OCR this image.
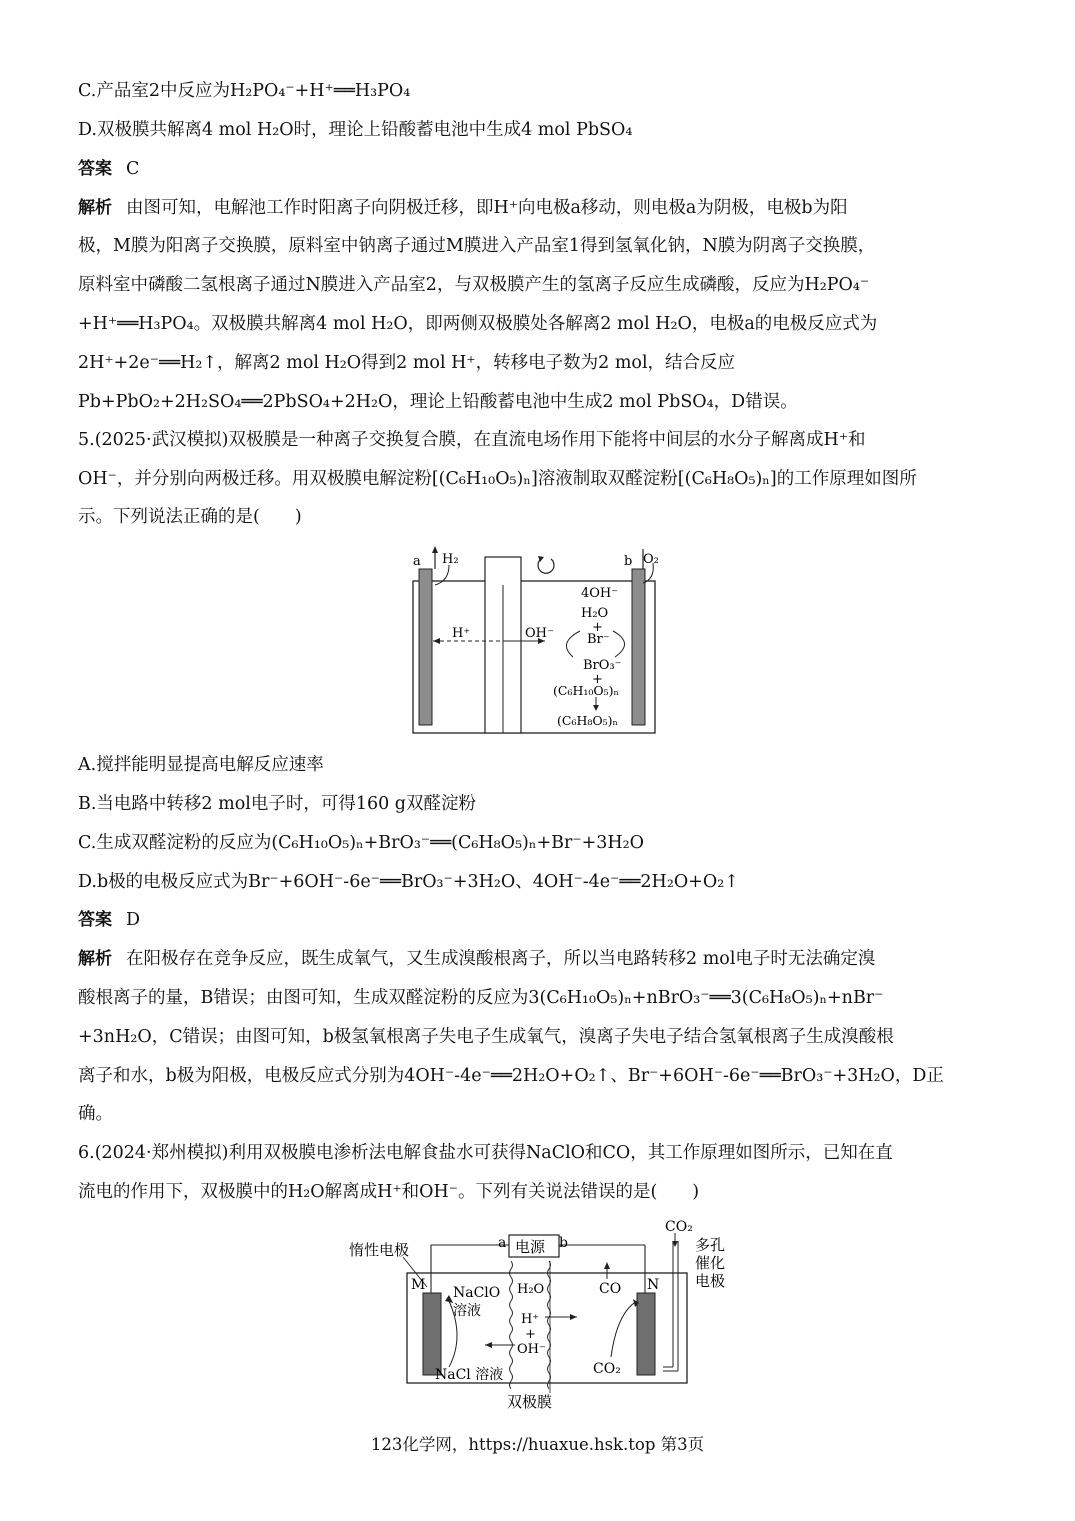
C.产品室2中反应为H₂PO₄⁻+H⁺══H₃PO₄
D.双极膜共解离4 mol H₂O时，理论上铅酸蓄电池中生成4 mol PbSO₄
答案 C
解析 由图可知，电解池工作时阳离子向阴极迁移，即H⁺向电极a移动，则电极a为阴极，电极b为阳
极，M膜为阳离子交换膜，原料室中钠离子通过M膜进入产品室1得到氢氧化钠，N膜为阴离子交换膜，
原料室中磷酸二氢根离子通过N膜进入产品室2，与双极膜产生的氢离子反应生成磷酸，反应为H₂PO₄⁻
+H⁺══H₃PO₄。双极膜共解离4 mol H₂O，即两侧双极膜处各解离2 mol H₂O，电极a的电极反应式为
2H⁺+2e⁻══H₂↑，解离2 mol H₂O得到2 mol H⁺，转移电子数为2 mol，结合反应
Pb+PbO₂+2H₂SO₄══2PbSO₄+2H₂O，理论上铅酸蓄电池中生成2 mol PbSO₄，D错误。
5.(2025·武汉模拟)双极膜是一种离子交换复合膜，在直流电场作用下能将中间层的水分子解离成H⁺和
OH⁻，并分别向两极迁移。用双极膜电解淀粉[(C₆H₁₀O₅)ₙ]溶液制取双醛淀粉[(C₆H₈O₅)ₙ]的工作原理如图所
示。下列说法正确的是(　　)
a H₂	b O₂
H⁺	OH⁻
4OH⁻
H₂O
+
Br⁻
BrO₃⁻
+
(C₆H₁₀O₅)ₙ
(C₆H₈O₅)ₙ
A.搅拌能明显提高电解反应速率
B.当电路中转移2 mol电子时，可得160 g双醛淀粉
C.生成双醛淀粉的反应为(C₆H₁₀O₅)ₙ+BrO₃⁻══(C₆H₈O₅)ₙ+Br⁻+3H₂O
D.b极的电极反应式为Br⁻+6OH⁻-6e⁻══BrO₃⁻+3H₂O、4OH⁻-4e⁻══2H₂O+O₂↑
答案 D
解析 在阳极存在竞争反应，既生成氧气，又生成溴酸根离子，所以当电路转移2 mol电子时无法确定溴
酸根离子的量，B错误；由图可知，生成双醛淀粉的反应为3(C₆H₁₀O₅)ₙ+nBrO₃⁻══3(C₆H₈O₅)ₙ+nBr⁻
+3nH₂O，C错误；由图可知，b极氢氧根离子失电子生成氧气，溴离子失电子结合氢氧根离子生成溴酸根
离子和水，b极为阳极，电极反应式分别为4OH⁻-4e⁻══2H₂O+O₂↑、Br⁻+6OH⁻-6e⁻══BrO₃⁻+3H₂O，D正
确。
6.(2024·郑州模拟)利用双极膜电渗析法电解食盐水可获得NaClO和CO，其工作原理如图所示，已知在直
流电的作用下，双极膜中的H₂O解离成H⁺和OH⁻。下列有关说法错误的是(　　)
惰性电极	a 电源 b
CO₂
多孔
催化
电极
M	N
NaClO
溶液
H₂O
H⁺
+
OH⁻
CO
CO₂
NaCl 溶液
双极膜
123化学网，https://huaxue.hsk.top 第3页
